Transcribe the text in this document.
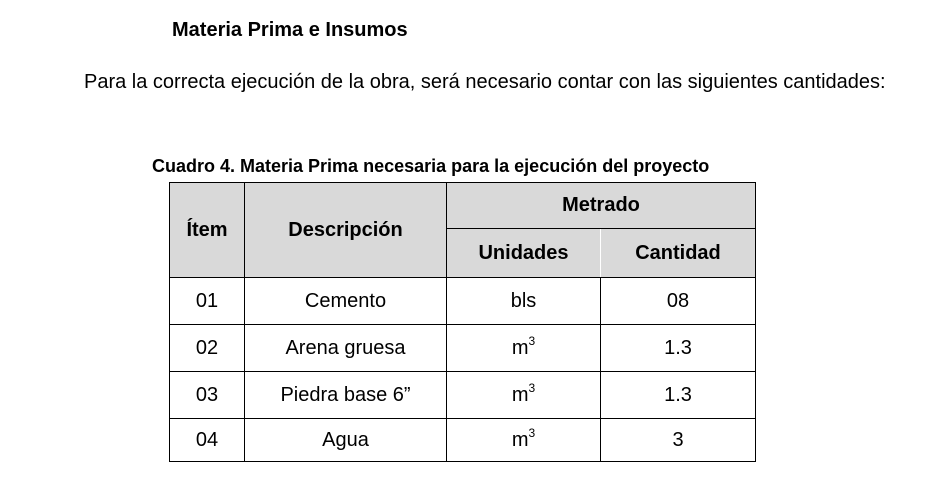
Materia Prima e Insumos
Para la correcta ejecución de la obra, será necesario contar con las siguientes cantidades:
Cuadro 4. Materia Prima necesaria para la ejecución del proyecto
Ítem	Descripción	Metrado	
		Unidades	Cantidad
01	Cemento	bls	08
02	Arena gruesa	$m^3$	1.3
03	Piedra base 6”	$m^3$	1.3
04	Agua	$m^3$	3
